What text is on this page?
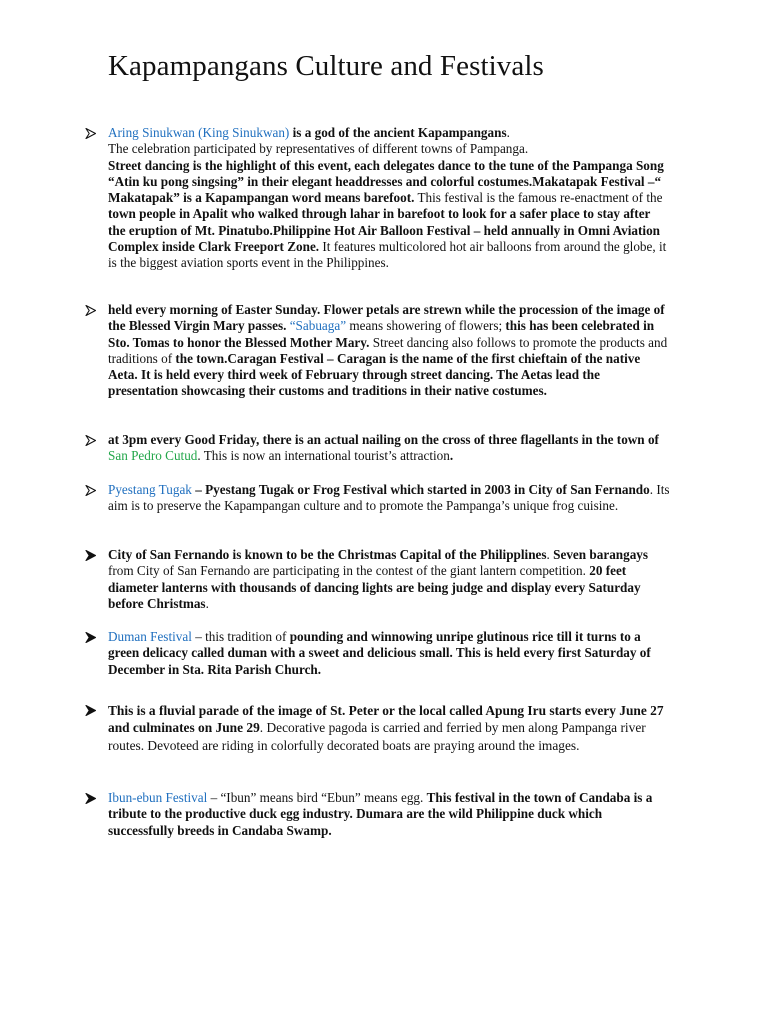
Kapampangans Culture and Festivals
Aring Sinukwan (King Sinukwan) is a god of the ancient Kapampangans.
The celebration participated by representatives of different towns of Pampanga.
Street dancing is the highlight of this event, each delegates dance to the tune of the Pampanga Song “Atin ku pong singsing” in their elegant headdresses and colorful costumes.Makatapak Festival –“ Makatapak” is a Kapampangan word means barefoot. This festival is the famous re-enactment of the town people in Apalit who walked through lahar in barefoot to look for a safer place to stay after the eruption of Mt. Pinatubo.Philippine Hot Air Balloon Festival – held annually in Omni Aviation Complex inside Clark Freeport Zone. It features multicolored hot air balloons from around the globe, it is the biggest aviation sports event in the Philippines.
held every morning of Easter Sunday. Flower petals are strewn while the procession of the image of the Blessed Virgin Mary passes. “Sabuaga” means showering of flowers; this has been celebrated in Sto. Tomas to honor the Blessed Mother Mary. Street dancing also follows to promote the products and traditions of the town.Caragan Festival – Caragan is the name of the first chieftain of the native Aeta. It is held every third week of February through street dancing. The Aetas lead the presentation showcasing their customs and traditions in their native costumes.
at 3pm every Good Friday, there is an actual nailing on the cross of three flagellants in the town of San Pedro Cutud. This is now an international tourist’s attraction.
Pyestang Tugak – Pyestang Tugak or Frog Festival which started in 2003 in City of San Fernando. Its aim is to preserve the Kapampangan culture and to promote the Pampanga’s unique frog cuisine.
City of San Fernando is known to be the Christmas Capital of the Philipplines. Seven barangays from City of San Fernando are participating in the contest of the giant lantern competition. 20 feet diameter lanterns with thousands of dancing lights are being judge and display every Saturday before Christmas.
Duman Festival – this tradition of pounding and winnowing unripe glutinous rice till it turns to a green delicacy called duman with a sweet and delicious small. This is held every first Saturday of December in Sta. Rita Parish Church.
This is a fluvial parade of the image of St. Peter or the local called Apung Iru starts every June 27 and culminates on June 29. Decorative pagoda is carried and ferried by men along Pampanga river routes. Devoteed are riding in colorfully decorated boats are praying around the images.
Ibun-ebun Festival – “Ibun” means bird “Ebun” means egg. This festival in the town of Candaba is a tribute to the productive duck egg industry. Dumara are the wild Philippine duck which successfully breeds in Candaba Swamp.
